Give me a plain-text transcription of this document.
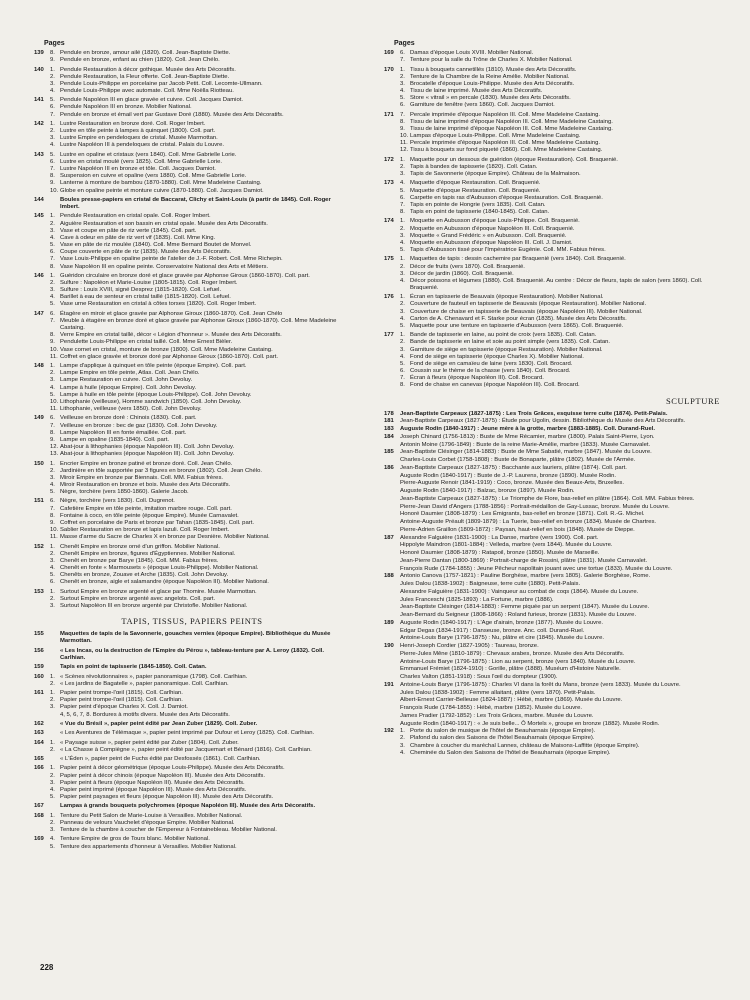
Pages
139	8. Pendule en bronze, amour ailé (1820). Coll. Jean-Baptiste Diette.
9. Pendule en bronze, enfant au chien (1820). Coll. Jean Chélo.
140	1. Pendule Restauration à décor gothique. Musée des Arts Décoratifs.
2. Pendule Restauration, la Fleur offerte. Coll. Jean-Baptiste Diette.
3. Pendule Louis-Philippe en porcelaine par Jacob Petit. Coll. Lecomte-Ullmann.
4. Pendule Louis-Philippe avec automate. Coll. Mme Noëlla Riotteau.
141	5. Pendule Napoléon III en glace gravée et cuivre. Coll. Jacques Damiot.
6. Pendule Napoléon III en bronze. Mobilier National.
7. Pendule en bronze et émail vert par Gustave Doré (1880). Musée des Arts Décoratifs.
142	1. Lustre Restauration en bronze doré. Coll. Roger Imbert.
2. Lustre en tôle peinte à lampes à quinquet (1800). Coll. part.
3. Lustre Empire en pendeloques de cristal. Musée Marmottan.
4. Lustre Napoléon III à pendeloques de cristal. Palais du Louvre.
143	5. Lustre en opaline et cristaux (vers 1840). Coll. Mme Gabrielle Lorie.
6. Lustre en cristal moulé (vers 1825). Coll. Mme Gabrielle Lorie.
7. Lustre Napoléon III en bronze et tôle. Coll. Jacques Damiot.
8. Suspension en cuivre et opaline (vers 1880). Coll. Mme Gabrielle Lorie.
9. Lanterne à monture de bambou (1870-1880). Coll. Mme Madeleine Castaing.
10. Globe en opaline peinte et monture cuivre (1870-1880). Coll. Jacques Damiot.
144	Boules presse-papiers en cristal de Baccarat, Clichy et Saint-Louis (à partir de 1845). Coll. Roger Imbert.
145	1. Pendule Restauration en cristal opale. Coll. Roger Imbert.
2. Aiguière Restauration et son bassin en cristal opale. Musée des Arts Décoratifs.
3. Vase et coupe en pâte de riz verte (1845). Coll. part.
4. Cave à odeur en pâte de riz vert vif (1835). Coll. Mme King.
5. Vase en pâte de riz moulée (1840). Coll. Mme Bernard Boutet de Monvel.
6. Coupe couverte en pâte de riz (1835). Musée des Arts Décoratifs.
7. Vase Louis-Philippe en opaline peinte de l'atelier de J.-F. Robert. Coll. Mme Richepin.
8. Vase Napoléon III en opaline peinte. Conservatoire National des Arts et Métiers.
146	1. Guéridon circulaire en bronze doré et glace gravée par Alphonse Giroux (1860-1870). Coll. part.
2. Sulfure : Napoléon et Marie-Louise (1805-1815). Coll. Roger Imbert.
3. Sulfure : Louis XVIII, signé Desprez (1815-1820). Coll. Lefuel.
4. Barillet à eau de senteur en cristal taillé (1815-1820). Coll. Lefuel.
5. Vase urne Restauration en cristal à côtes torses (1820). Coll. Roger Imbert.
147	6. Étagère en miroir et glace gravée par Alphonse Giroux (1860-1870). Coll. Jean Chélo
7. Meuble à étagère en bronze doré et glace gravée par Alphonse Giroux (1860-1870). Coll. Mme Madeleine Castaing.
8. Verre Empire en cristal taillé, décor « Légion d'honneur ». Musée des Arts Décoratifs.
9. Pendulette Louis-Philippe en cristal taillé. Coll. Mme Ernest Bièler.
10. Vase cornet en cristal, monture de bronze (1800). Coll. Mme Madeleine Castaing.
11. Coffret en glace gravée et bronze doré par Alphonse Giroux (1860-1870). Coll. part.
148	1. Lampe d'applique à quinquet en tôle peinte (époque Empire). Coll. part.
2. Lampe Empire en tôle peinte, Atlas. Coll. Jean Chélo.
3. Lampe Restauration en cuivre. Coll. John Devoluy.
4. Lampe à huile (époque Empire). Coll. John Devoluy.
5. Lampe à huile en tôle peinte (époque Louis-Philippe). Coll. John Devoluy.
10. Lithophanie (veilleuse), Homme sandwich (1850). Coll. John Devoluy.
11. Lithophanie, veilleuse (vers 1850). Coll. John Devoluy.
149	6. Veilleuse en bronze doré : Chinois (1830). Coll. part.
7. Veilleuse en bronze : bec de gaz (1830). Coll. John Devoluy.
8. Lampe Napoléon III en fonte émaillée. Coll. part.
9. Lampe en opaline (1835-1840). Coll. part.
12. Abat-jour à lithophanies (époque Napoléon III). Coll. John Devoluy.
13. Abat-jour à lithophanies (époque Napoléon III). Coll. John Devoluy.
150	1. Encrier Empire en bronze patiné et bronze doré. Coll. Jean Chélo.
2. Jardinière en tôle supportée par 3 figures en bronze (1802). Coll. Jean Chélo.
3. Miroir Empire en bronze par Biennais. Coll. MM. Fabius frères.
4. Miroir Restauration en bronze et bois. Musée des Arts Décoratifs.
5. Nègre, torchère (vers 1850-1860). Galerie Jacob.
151	6. Nègre, torchère (vers 1830). Coll. Dugrenot.
7. Cafetière Empire en tôle peinte, imitation marbre rouge. Coll. part.
8. Fontaine à coco, en tôle peinte (époque Empire). Musée Carnavalet.
9. Coffret en porcelaine de Paris et bronze par Tahan (1835-1845). Coll. part.
10. Sablier Restauration en bronze et lapis lazuli. Coll. Roger Imbert.
11. Masse d'arme du Sacre de Charles X en bronze par Desnière. Mobilier National.
152	1. Chenêt Empire en bronze orné d'un griffon. Mobilier National.
2. Chenêt Empire en bronze, figures d'Égyptiennes. Mobilier National.
3. Chenêt en bronze par Barye (1845). Coll. MM. Fabius frères.
4. Chenêt en fonte « Marmousets » (époque Louis-Philippe). Mobilier National.
5. Chenêts en bronze, Zouave et Arche (1835). Coll. John Devoluy.
6. Chenêt en bronze, aigle et salamandre (époque Napoléon III). Mobilier National.
153	1. Surtout Empire en bronze argenté et glace par Thomire. Musée Marmottan.
2. Surtout Empire en bronze argenté avec angelots. Coll. part.
3. Surtout Napoléon III en bronze argenté par Christofle. Mobilier National.
TAPIS, TISSUS, PAPIERS PEINTS
155	Maquettes de tapis de la Savonnerie, gouaches vernies (époque Empire). Bibliothèque du Musée Marmottan.
156	« Les Incas, ou la destruction de l'Empire du Pérou », tableau-tenture par A. Leroy (1832). Coll. Carlhian.
159	Tapis en point de tapisserie (1845-1850). Coll. Catan.
160	1. « Scènes révolutionnaires », papier panoramique (1798). Coll. Carlhian.
2. « Les jardins de Bagatelle », papier panoramique. Coll. Carlhian.
161	1. Papier peint trompe-l'œil (1815). Coll. Carlhian.
2. Papier peint trompe-l'œil (1815). Coll. Carlhian.
3. Papier peint d'époque Charles X. Coll. J. Damiot.
4, 5, 6, 7, 8. Bordures à motifs divers. Musée des Arts Décoratifs.
162	« Vue du Brésil », papier peint édité par Jean Zuber (1829). Coll. Zuber.
163	« Les Aventures de Télémaque », papier peint imprimé par Dufour et Leroy (1825). Coll. Carlhian.
164	1. « Paysage suisse », papier peint édité par Zuber (1804). Coll. Zuber.
2. « La Chasse à Compiègne », papier peint édité par Jacquemart et Bénard (1816). Coll. Carlhian.
165	« L'Éden », papier peint de Fuchs édité par Desfossés (1861). Coll. Carlhian.
166	1. Papier peint à décor géométrique (époque Louis-Philippe). Musée des Arts Décoratifs.
2. Papier peint à décor chinois (époque Napoléon III). Musée des Arts Décoratifs.
3. Papier peint à fleurs (époque Napoléon III). Musée des Arts Décoratifs.
4. Papier peint imprimé (époque Napoléon III). Musée des Arts Décoratifs.
5. Papier peint paysages et fleurs (époque Napoléon III). Musée des Arts Décoratifs.
167	Lampas à grands bouquets polychromes (époque Napoléon III). Musée des Arts Décoratifs.
168	1. Tenture du Petit Salon de Marie-Louise à Versailles. Mobilier National.
2. Panneau de velours Vauchelet d'époque Empire. Mobilier National.
3. Tenture de la chambre à coucher de l'Empereur à Fontainebleau. Mobilier National.
169	4. Tenture Empire de gros de Tours blanc. Mobilier National.
5. Tenture des appartements d'honneur à Versailles. Mobilier National.
Pages
169	6. Damas d'époque Louis XVIII. Mobilier National.
7. Tenture pour la salle du Trône de Charles X. Mobilier National.
170	1. Tissu à bouquets cannetillés (1810). Musée des Arts Décoratifs.
2. Tenture de la Chambre de la Reine Amélie. Mobilier National.
3. Brocatelle d'époque Louis-Philippe. Musée des Arts Décoratifs.
4. Tissu de laine imprimé. Musée des Arts Décoratifs.
5. Store « vitrail » en percale (1830). Musée des Arts Décoratifs.
6. Garniture de fenêtre (vers 1860). Coll. Jacques Damiot.
171	7. Percale imprimée d'époque Napoléon III. Coll. Mme Madeleine Castaing.
8. Tissu de laine imprimé d'époque Napoléon III. Coll. Mme Madeleine Castaing.
9. Tissu de laine imprimé d'époque Napoléon III. Coll. Mme Madeleine Castaing.
10. Lampas d'époque Louis-Philippe. Coll. Mme Madeleine Castaing.
11. Percale imprimée d'époque Napoléon III. Coll. Mme Madeleine Castaing.
12. Tissu à bouquets sur fond piqueté (1860). Coll. Mme Madeleine Castaing.
172	1. Maquette pour un dessous de guéridon (époque Restauration). Coll. Braquenié.
2. Tapis à bandes de tapisserie (1820). Coll. Catan.
3. Tapis de Savonnerie (époque Empire). Château de la Malmaison.
173	4. Maquette d'époque Restauration. Coll. Braquenié.
5. Maquette d'époque Restauration. Coll. Braquenié.
6. Carpette en tapis ras d'Aubusson d'époque Restauration. Coll. Braquenié.
7. Tapis en pointe de Hongrie (vers 1835). Coll. Catan.
8. Tapis en point de tapisserie (1840-1845). Coll. Catan.
174	1. Moquette en Aubusson d'époque Louis-Philippe. Coll. Braquenié.
2. Moquette en Aubusson d'époque Napoléon III. Coll. Braquenié.
3. Moquette « Grand Frédéric » en Aubusson. Coll. Braquenié.
4. Moquette en Aubusson d'époque Napoléon III. Coll. J. Damiot.
5. Tapis d'Aubusson tissé pour l'Impératrice Eugénie. Coll. MM. Fabius frères.
175	1. Maquettes de tapis : dessin cachemire par Braquenié (vers 1840). Coll. Braquenié.
2. Décor de fruits (vers 1870). Coll. Braquenié.
3. Décor de jardin (1860). Coll. Braquenié.
4. Décor poissons et légumes (1880). Coll. Braquenié. Au centre : Décor de fleurs, tapis de salon (vers 1860). Coll. Braquenié.
176	1. Écran en tapisserie de Beauvais (époque Restauration). Mobilier National.
2. Couverture de fauteuil en tapisserie de Beauvais (époque Restauration). Mobilier National.
3. Couverture de chaise en tapisserie de Beauvais (époque Napoléon III). Mobilier National.
4. Carton de A. Chenavard et F. Starke pour écran (1835). Musée des Arts Décoratifs.
5. Maquette pour une tenture en tapisserie d'Aubusson (vers 1865). Coll. Braquenié.
177	1. Bande de tapisserie en laine, au point de croix (vers 1835). Coll. Catan.
2. Bande de tapisserie en laine et soie au point simple (vers 1835). Coll. Catan.
3. Garniture de siège en tapisserie (époque Restauration). Mobilier National.
4. Fond de siège en tapisserie (époque Charles X). Mobilier National.
5. Fond de siège en camaïeu de laine (vers 1830). Coll. Brocard.
6. Coussin sur le thème de la chasse (vers 1840). Coll. Brocard.
7. Écran à fleurs (époque Napoléon III). Coll. Brocard.
8. Fond de chaise en canevas (époque Napoléon III). Coll. Brocard.
SCULPTURE
178	Jean-Baptiste Carpeaux (1827-1875) : Les Trois Grâces, esquisse terre cuite (1874). Petit-Palais.
181	Jean-Baptiste Carpeaux (1827-1875) : Étude pour Ugolin, dessin. Bibliothèque du Musée des Arts Décoratifs.
183	Auguste Rodin (1840-1917) : Jeune mère à la grotte, marbre (1883-1885). Coll. Durand-Ruel.
184	Joseph Chinard (1756-1813) : Buste de Mme Récamier, marbre (1800). Palais Saint-Pierre, Lyon.
Antonin Moine (1796-1849) : Buste de la reine Marie-Amélie, marbre (1833). Musée Carnavalet.
185	Jean-Baptiste Clésinger (1814-1883) : Buste de Mme Sabatié, marbre (1847). Musée du Louvre.
Charles-Louis Corbet (1758-1808) : Buste de Bonaparte, plâtre (1802). Musée de l'Armée.
186	Jean-Baptiste Carpeaux (1827-1875) : Bacchante aux lauriers, plâtre (1874). Coll. part.
Auguste Rodin (1840-1917) : Buste de J.-P. Laurens, bronze (1890). Musée Rodin.
Pierre-Auguste Renoir (1841-1919) : Coco, bronze. Musée des Beaux-Arts, Bruxelles.
Auguste Rodin (1840-1917) : Balzac, bronze (1897). Musée Rodin.
Jean-Baptiste Carpeaux (1827-1875) : Le Triomphe de Flore, bas-relief en plâtre (1864). Coll. MM. Fabius frères.
Pierre-Jean David d'Angers (1788-1856) : Portrait-médaillon de Gay-Lussac, bronze. Musée du Louvre.
Honoré Daumier (1808-1879) : Les Émigrants, bas-relief en bronze (1871). Coll. R.-G. Michel.
Antoine-Auguste Préault (1809-1879) : La Tuerie, bas-relief en bronze (1834). Musée de Chartres.
Pierre-Adrien Graillon (1809-1872) : Paysan, haut-relief en bois (1848). Musée de Dieppe.
187	Alexandre Falguière (1831-1900) : La Danse, marbre (vers 1900). Coll. part.
Hippolyte Maindron (1801-1884) : Velleda, marbre (vers 1844). Musée du Louvre.
Honoré Daumier (1808-1879) : Ratapoil, bronze (1850). Musée de Marseille.
Jean-Pierre Dantan (1800-1869) : Portrait-charge de Rossini, plâtre (1831). Musée Carnavalet.
François Rude (1784-1855) : Jeune Pêcheur napolitain jouant avec une tortue (1833). Musée du Louvre.
188	Antonio Canova (1757-1821) : Pauline Borghèse, marbre (vers 1805). Galerie Borghèse, Rome.
Jules Dalou (1838-1902) : Baigneuse, terre cuite (1880). Petit-Palais.
Alexandre Falguière (1831-1900) : Vainqueur au combat de coqs (1864). Musée du Louvre.
Jules Franceschi (1825-1893) : La Fortune, marbre (1886).
Jean-Baptiste Clésinger (1814-1883) : Femme piquée par un serpent (1847). Musée du Louvre.
Jean-Bernard du Seigneur (1808-1866) : Roland furieux, bronze (1831). Musée du Louvre.
189	Auguste Rodin (1840-1917) : L'Age d'airain, bronze (1877). Musée du Louvre.
Edgar Degas (1834-1917) : Danseuse, bronze. Anc. coll. Durand-Ruel.
Antoine-Louis Barye (1796-1875) : Nu, plâtre et cire (1845). Musée du Louvre.
190	Henri-Joseph Cordier (1827-1905) : Taureau, bronze.
Pierre-Jules Mêne (1810-1879) : Chevaux arabes, bronze. Musée des Arts Décoratifs.
Antoine-Louis Barye (1796-1875) : Lion au serpent, bronze (vers 1840). Musée du Louvre.
Emmanuel Frémiet (1824-1910) : Gorille, plâtre (1888). Muséum d'Histoire Naturelle.
Charles Valton (1851-1918) : Sous l'œil du dompteur (1900).
191	Antoine-Louis Barye (1796-1875) : Charles VI dans la forêt du Mans, bronze (vers 1833). Musée du Louvre.
Jules Dalou (1838-1902) : Femme allaitant, plâtre (vers 1870). Petit-Palais.
Albert-Ernest Carrier-Belleuse (1824-1887) : Hébé, marbre (1869). Musée du Louvre.
François Rude (1784-1855) : Hébé, marbre (1852). Musée du Louvre.
James Pradier (1792-1852) : Les Trois Grâces, marbre. Musée du Louvre.
Auguste Rodin (1840-1917) : « Je suis belle... Ô Mortels », groupe en bronze (1882). Musée Rodin.
192	1. Porte du salon de musique de l'hôtel de Beauharnais (époque Empire).
2. Plafond du salon des Saisons de l'hôtel Beauharnais (époque Empire).
3. Chambre à coucher du maréchal Lannes, château de Maisons-Laffitte (époque Empire).
4. Cheminée du Salon des Saisons de l'hôtel de Beauharnais (époque Empire).
228
